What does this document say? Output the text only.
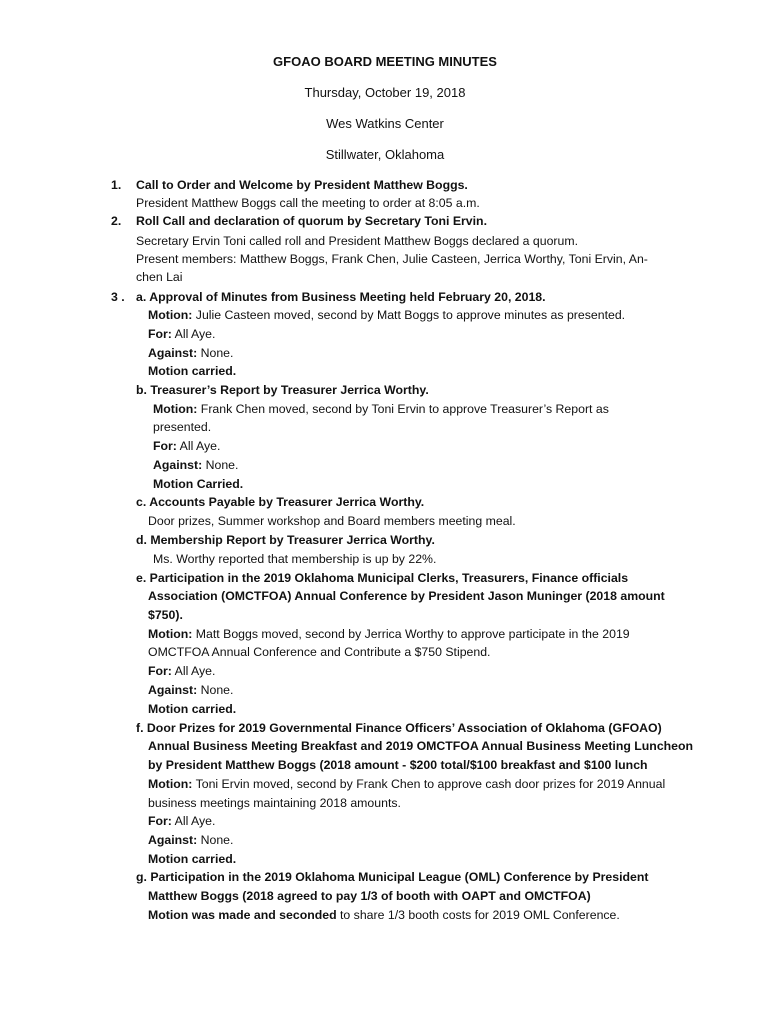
GFOAO BOARD MEETING MINUTES
Thursday, October 19, 2018
Wes Watkins Center
Stillwater, Oklahoma
1. Call to Order and Welcome by President Matthew Boggs.
President Matthew Boggs call the meeting to order at 8:05 a.m.
2. Roll Call and declaration of quorum by Secretary Toni Ervin.
Secretary Ervin Toni called roll and President Matthew Boggs declared a quorum.
Present members: Matthew Boggs, Frank Chen, Julie Casteen, Jerrica Worthy, Toni Ervin, An-
chen Lai
3 . a. Approval of Minutes from Business Meeting held February 20, 2018.
Motion: Julie Casteen moved, second by Matt Boggs to approve minutes as presented.
For: All Aye.
Against: None.
Motion carried.
b. Treasurer’s Report by Treasurer Jerrica Worthy.
Motion: Frank Chen moved, second by Toni Ervin to approve Treasurer’s Report as
presented.
For: All Aye.
Against: None.
Motion Carried.
c. Accounts Payable by Treasurer Jerrica Worthy.
Door prizes, Summer workshop and Board members meeting meal.
d. Membership Report by Treasurer Jerrica Worthy.
Ms. Worthy reported that membership is up by 22%.
e. Participation in the 2019 Oklahoma Municipal Clerks, Treasurers, Finance officials
Association (OMCTFOA) Annual Conference by President Jason Muninger (2018 amount
$750).
Motion: Matt Boggs moved, second by Jerrica Worthy to approve participate in the 2019
OMCTFOA Annual Conference and Contribute a $750 Stipend.
For: All Aye.
Against: None.
Motion carried.
f. Door Prizes for 2019 Governmental Finance Officers’ Association of Oklahoma (GFOAO)
Annual Business Meeting Breakfast and 2019 OMCTFOA Annual Business Meeting Luncheon
by President Matthew Boggs (2018 amount - $200 total/$100 breakfast and $100 lunch
Motion: Toni Ervin moved, second by Frank Chen to approve cash door prizes for 2019 Annual
business meetings maintaining 2018 amounts.
For: All Aye.
Against: None.
Motion carried.
g. Participation in the 2019 Oklahoma Municipal League (OML) Conference by President
Matthew Boggs (2018 agreed to pay 1/3 of booth with OAPT and OMCTFOA)
Motion was made and seconded to share 1/3 booth costs for 2019 OML Conference.
